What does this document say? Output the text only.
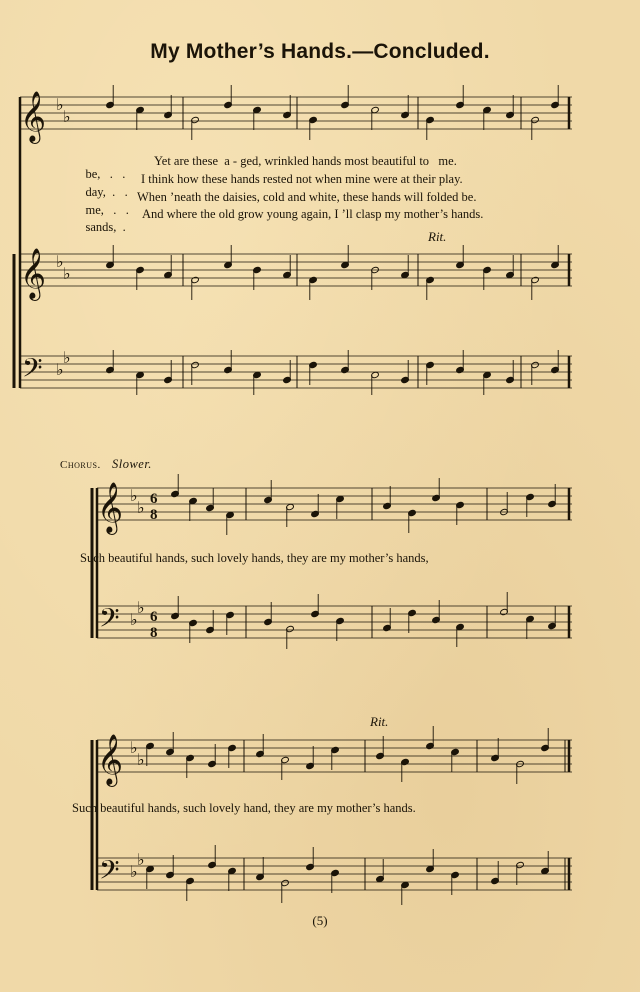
My Mother’s Hands.—Concluded.
𝄞 ♭
♭
𝄞 ♭
♭
𝄢 ♭
♭
𝄞 ♭
♭ 6
8
𝄢 ♭
♭ 6
8
𝄞 ♭
♭
𝄢 ♭
♭

be,   .   .

Yet are these  a - ged, wrinkled hands most beautiful to   me.

day,  .   .

I think how these hands rested not when mine were at their play.

me,   .   .

When ’neath the daisies, cold and white, these hands will folded be.

sands,  .

And where the old grow young again, I ’ll clasp my mother’s hands.
Rit.
Chorus. Slower.
Such beautiful hands, such lovely hands, they are my mother’s hands,
Rit.
Such beautiful hands, such lovely hand, they are my mother’s hands.
(5)
